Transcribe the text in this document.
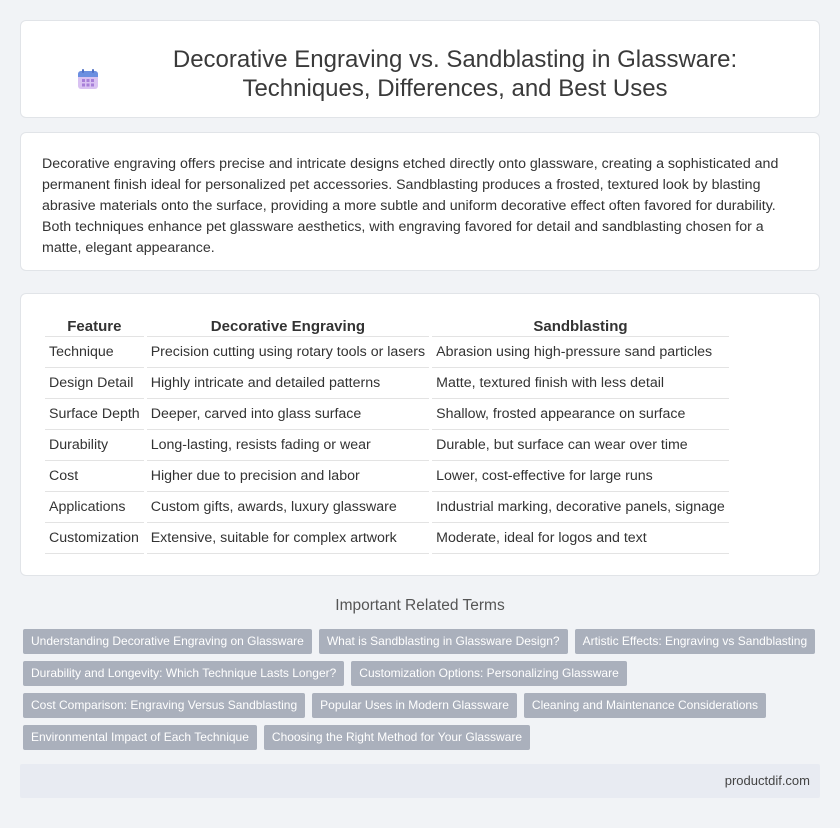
Decorative Engraving vs. Sandblasting in Glassware: Techniques, Differences, and Best Uses

Decorative engraving offers precise and intricate designs etched directly onto glassware, creating a sophisticated and permanent finish ideal for personalized pet accessories. Sandblasting produces a frosted, textured look by blasting abrasive materials onto the surface, providing a more subtle and uniform decorative effect often favored for durability. Both techniques enhance pet glassware aesthetics, with engraving favored for detail and sandblasting chosen for a matte, elegant appearance.

Feature	Decorative Engraving	Sandblasting
Technique	Precision cutting using rotary tools or lasers	Abrasion using high-pressure sand particles
Design Detail	Highly intricate and detailed patterns	Matte, textured finish with less detail
Surface Depth	Deeper, carved into glass surface	Shallow, frosted appearance on surface
Durability	Long-lasting, resists fading or wear	Durable, but surface can wear over time
Cost	Higher due to precision and labor	Lower, cost-effective for large runs
Applications	Custom gifts, awards, luxury glassware	Industrial marking, decorative panels, signage
Customization	Extensive, suitable for complex artwork	Moderate, ideal for logos and text
Important Related Terms
Understanding Decorative Engraving on Glassware	What is Sandblasting in Glassware Design?	Artistic Effects: Engraving vs Sandblasting
Durability and Longevity: Which Technique Lasts Longer?	Customization Options: Personalizing Glassware
Cost Comparison: Engraving Versus Sandblasting	Popular Uses in Modern Glassware	Cleaning and Maintenance Considerations
Environmental Impact of Each Technique	Choosing the Right Method for Your Glassware
productdif.com
